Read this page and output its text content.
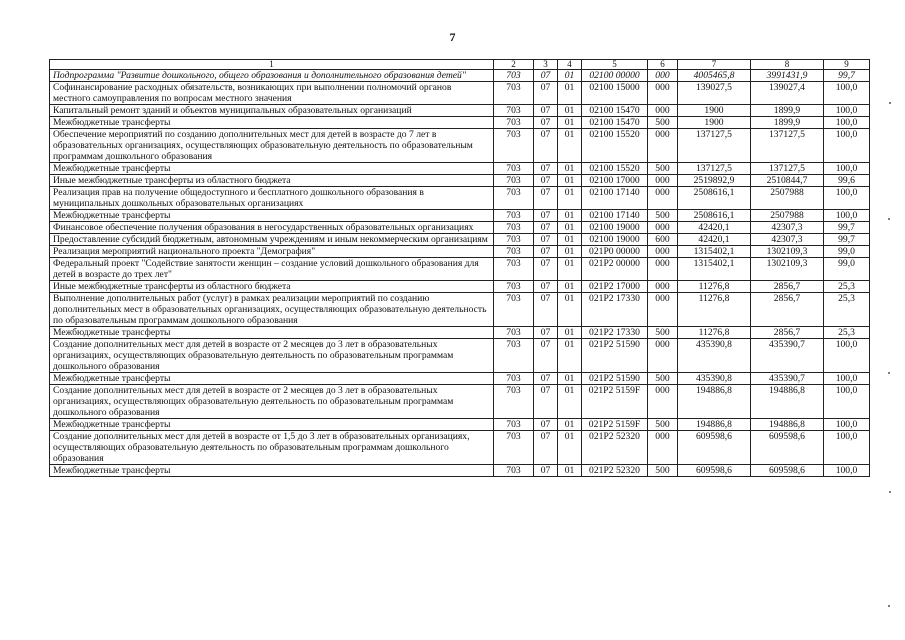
7
1	2	3	4	5	6	7	8	9
Подпрограмма "Развитие дошкольного, общего образования и дополнительного образования детей"	703	07	01	02100 00000	000	4005465,8	3991431,9	99,7
Софинансирование расходных обязательств, возникающих при выполнении полномочий органов местного самоуправления по вопросам местного значения	703	07	01	02100 15000	000	139027,5	139027,4	100,0
Капитальный ремонт зданий и объектов муниципальных образовательных организаций	703	07	01	02100 15470	000	1900	1899,9	100,0
Межбюджетные трансферты	703	07	01	02100 15470	500	1900	1899,9	100,0
Обеспечение мероприятий по созданию дополнительных мест для детей в возрасте до 7 лет в образовательных организациях, осуществляющих образовательную деятельность по образовательным программам дошкольного образования	703	07	01	02100 15520	000	137127,5	137127,5	100,0
Межбюджетные трансферты	703	07	01	02100 15520	500	137127,5	137127,5	100,0
Иные межбюджетные трансферты из областного бюджета	703	07	01	02100 17000	000	2519892,9	2510844,7	99,6
Реализация прав на получение общедоступного и бесплатного дошкольного образования в муниципальных дошкольных образовательных организациях	703	07	01	02100 17140	000	2508616,1	2507988	100,0
Межбюджетные трансферты	703	07	01	02100 17140	500	2508616,1	2507988	100,0
Финансовое обеспечение получения образования в негосударственных образовательных организациях	703	07	01	02100 19000	000	42420,1	42307,3	99,7
Предоставление субсидий бюджетным, автономным учреждениям и иным некоммерческим организациям	703	07	01	02100 19000	600	42420,1	42307,3	99,7
Реализация мероприятий национального проекта "Демография"	703	07	01	021P0 00000	000	1315402,1	1302109,3	99,0
Федеральный проект "Содействие занятости женщин – создание условий дошкольного образования для детей в возрасте до трех лет"	703	07	01	021P2 00000	000	1315402,1	1302109,3	99,0
Иные межбюджетные трансферты из областного бюджета	703	07	01	021P2 17000	000	11276,8	2856,7	25,3
Выполнение дополнительных работ (услуг) в рамках реализации мероприятий по созданию дополнительных мест в образовательных организациях, осуществляющих образовательную деятельность по образовательным программам дошкольного образования	703	07	01	021P2 17330	000	11276,8	2856,7	25,3
Межбюджетные трансферты	703	07	01	021P2 17330	500	11276,8	2856,7	25,3
Создание дополнительных мест для детей в возрасте от 2 месяцев до 3 лет в образовательных организациях, осуществляющих образовательную деятельность по образовательным программам дошкольного образования	703	07	01	021P2 51590	000	435390,8	435390,7	100,0
Межбюджетные трансферты	703	07	01	021P2 51590	500	435390,8	435390,7	100,0
Создание дополнительных мест для детей в возрасте от 2 месяцев до 3 лет в образовательных организациях, осуществляющих образовательную деятельность по образовательным программам дошкольного образования	703	07	01	021P2 5159F	000	194886,8	194886,8	100,0
Межбюджетные трансферты	703	07	01	021P2 5159F	500	194886,8	194886,8	100,0
Создание дополнительных мест для детей в возрасте от 1,5 до 3 лет в образовательных организациях, осуществляющих образовательную деятельность по образовательным программам дошкольного образования	703	07	01	021P2 52320	000	609598,6	609598,6	100,0
Межбюджетные трансферты	703	07	01	021P2 52320	500	609598,6	609598,6	100,0
